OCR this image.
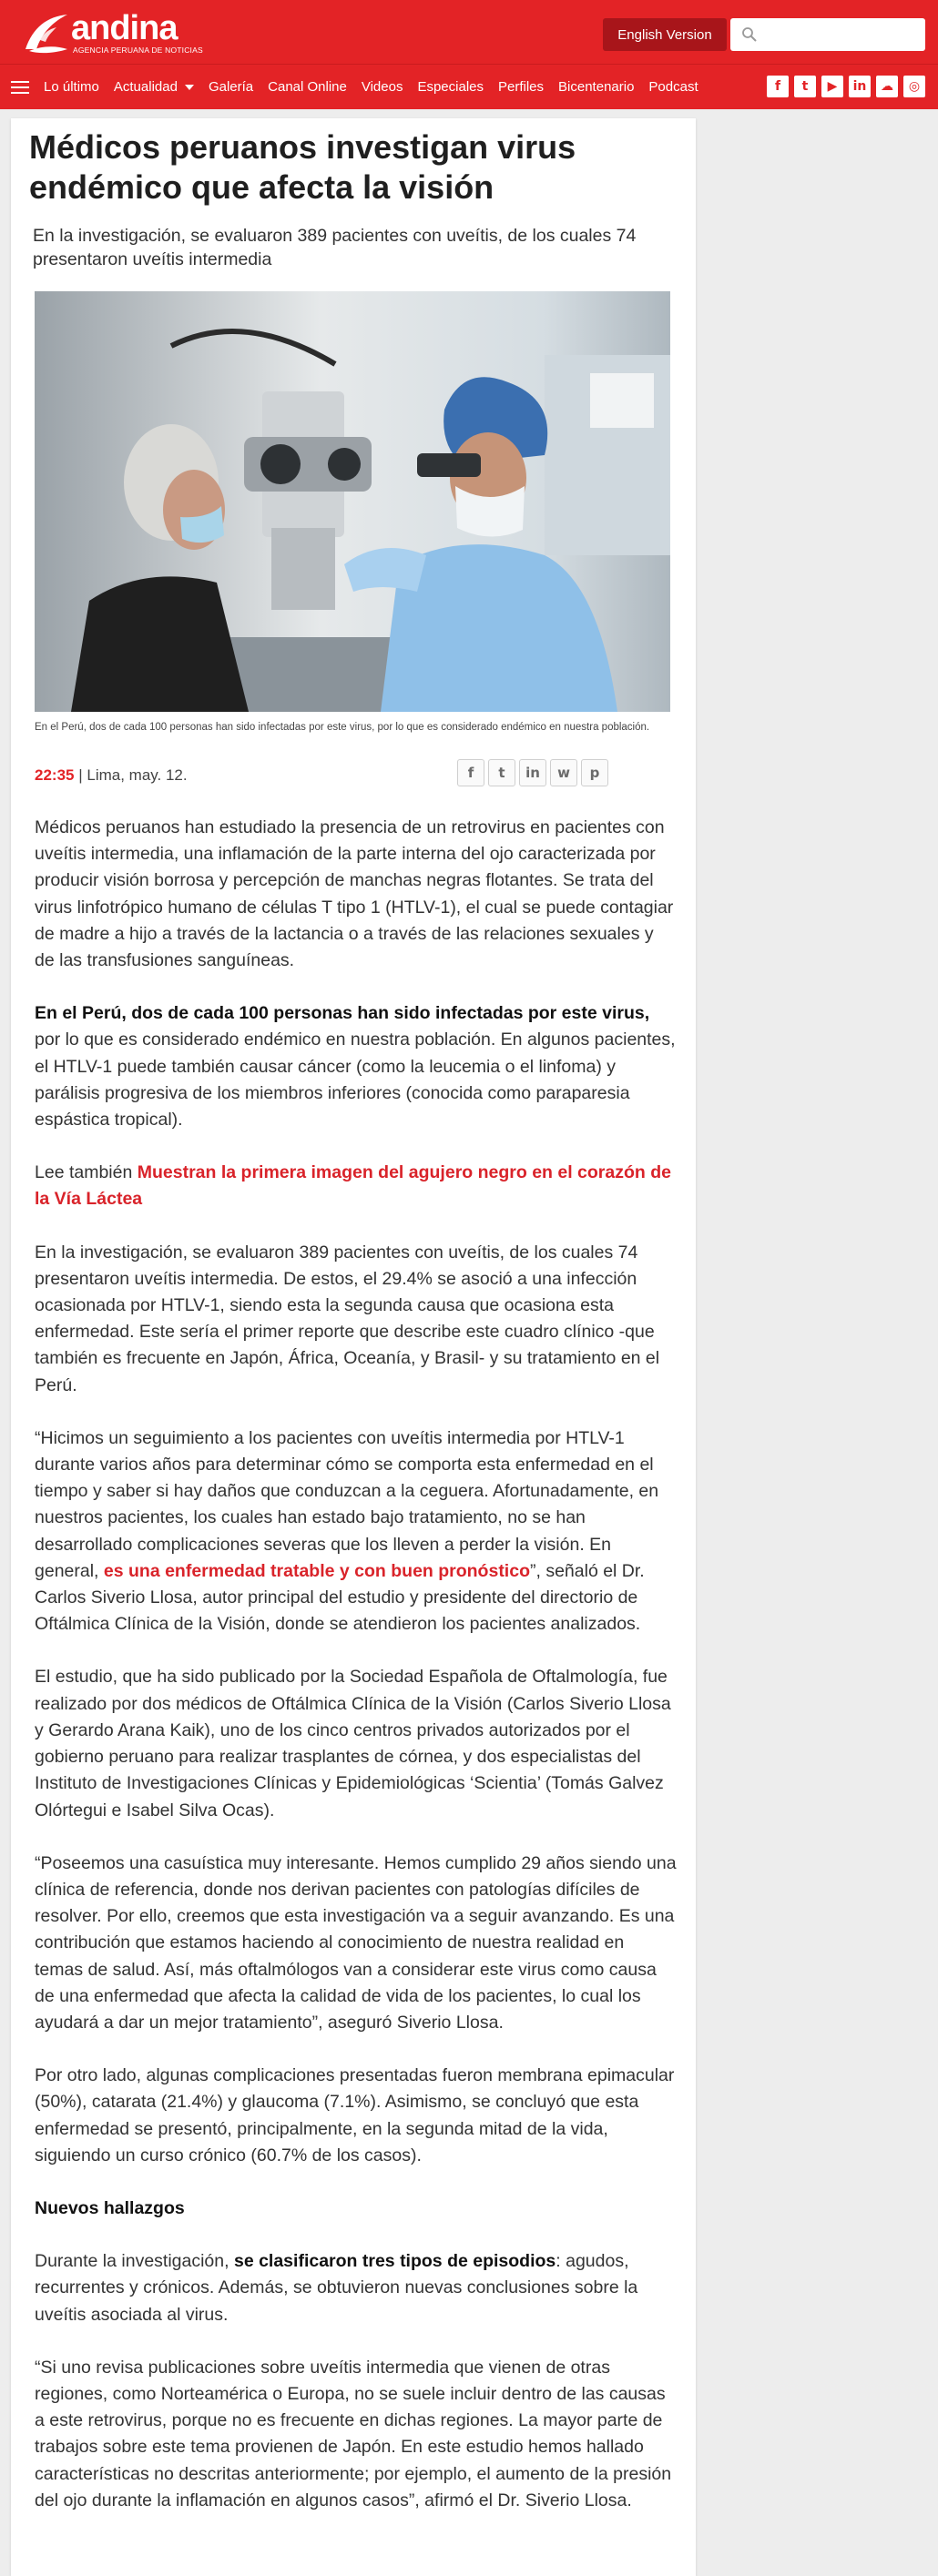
andina
AGENCIA PERUANA DE NOTICIAS
English Version
Lo último Actualidad Galería Canal Online Videos Especiales Perfiles Bicentenario Podcast	f	t	▶	in	☁	◎
Médicos peruanos investigan virus endémico que afecta la visión
En la investigación, se evaluaron 389 pacientes con uveítis, de los cuales 74 presentaron uveítis intermedia
En el Perú, dos de cada 100 personas han sido infectadas por este virus, por lo que es considerado endémico en nuestra población.
22:35 | Lima, may. 12.	f	t	in	w	p

Médicos peruanos han estudiado la presencia de un retrovirus en pacientes con uveítis intermedia, una inflamación de la parte interna del ojo caracterizada por producir visión borrosa y percepción de manchas negras flotantes. Se trata del virus linfotrópico humano de células T tipo 1 (HTLV-1), el cual se puede contagiar de madre a hijo a través de la lactancia o a través de las relaciones sexuales y de las transfusiones sanguíneas.

En el Perú, dos de cada 100 personas han sido infectadas por este virus, por lo que es considerado endémico en nuestra población. En algunos pacientes, el HTLV-1 puede también causar cáncer (como la leucemia o el linfoma) y parálisis progresiva de los miembros inferiores (conocida como paraparesia espástica tropical).

Lee también Muestran la primera imagen del agujero negro en el corazón de la Vía Láctea

En la investigación, se evaluaron 389 pacientes con uveítis, de los cuales 74 presentaron uveítis intermedia. De estos, el 29.4% se asoció a una infección ocasionada por HTLV-1, siendo esta la segunda causa que ocasiona esta enfermedad. Este sería el primer reporte que describe este cuadro clínico -que también es frecuente en Japón, África, Oceanía, y Brasil- y su tratamiento en el Perú.

“Hicimos un seguimiento a los pacientes con uveítis intermedia por HTLV-1 durante varios años para determinar cómo se comporta esta enfermedad en el tiempo y saber si hay daños que conduzcan a la ceguera. Afortunadamente, en nuestros pacientes, los cuales han estado bajo tratamiento, no se han desarrollado complicaciones severas que los lleven a perder la visión. En general, es una enfermedad tratable y con buen pronóstico”, señaló el Dr. Carlos Siverio Llosa, autor principal del estudio y presidente del directorio de Oftálmica Clínica de la Visión, donde se atendieron los pacientes analizados.

El estudio, que ha sido publicado por la Sociedad Española de Oftalmología, fue realizado por dos médicos de Oftálmica Clínica de la Visión (Carlos Siverio Llosa y Gerardo Arana Kaik), uno de los cinco centros privados autorizados por el gobierno peruano para realizar trasplantes de córnea, y dos especialistas del Instituto de Investigaciones Clínicas y Epidemiológicas ‘Scientia’ (Tomás Galvez Olórtegui e Isabel Silva Ocas).

“Poseemos una casuística muy interesante. Hemos cumplido 29 años siendo una clínica de referencia, donde nos derivan pacientes con patologías difíciles de resolver. Por ello, creemos que esta investigación va a seguir avanzando. Es una contribución que estamos haciendo al conocimiento de nuestra realidad en temas de salud. Así, más oftalmólogos van a considerar este virus como causa de una enfermedad que afecta la calidad de vida de los pacientes, lo cual los ayudará a dar un mejor tratamiento”, aseguró Siverio Llosa.

Por otro lado, algunas complicaciones presentadas fueron membrana epimacular (50%), catarata (21.4%) y glaucoma (7.1%). Asimismo, se concluyó que esta enfermedad se presentó, principalmente, en la segunda mitad de la vida, siguiendo un curso crónico (60.7% de los casos).

Nuevos hallazgos

Durante la investigación, se clasificaron tres tipos de episodios: agudos, recurrentes y crónicos. Además, se obtuvieron nuevas conclusiones sobre la uveítis asociada al virus.

“Si uno revisa publicaciones sobre uveítis intermedia que vienen de otras regiones, como Norteamérica o Europa, no se suele incluir dentro de las causas a este retrovirus, porque no es frecuente en dichas regiones. La mayor parte de trabajos sobre este tema provienen de Japón. En este estudio hemos hallado características no descritas anteriormente; por ejemplo, el aumento de la presión del ojo durante la inflamación en algunos casos”, afirmó el Dr. Siverio Llosa.
